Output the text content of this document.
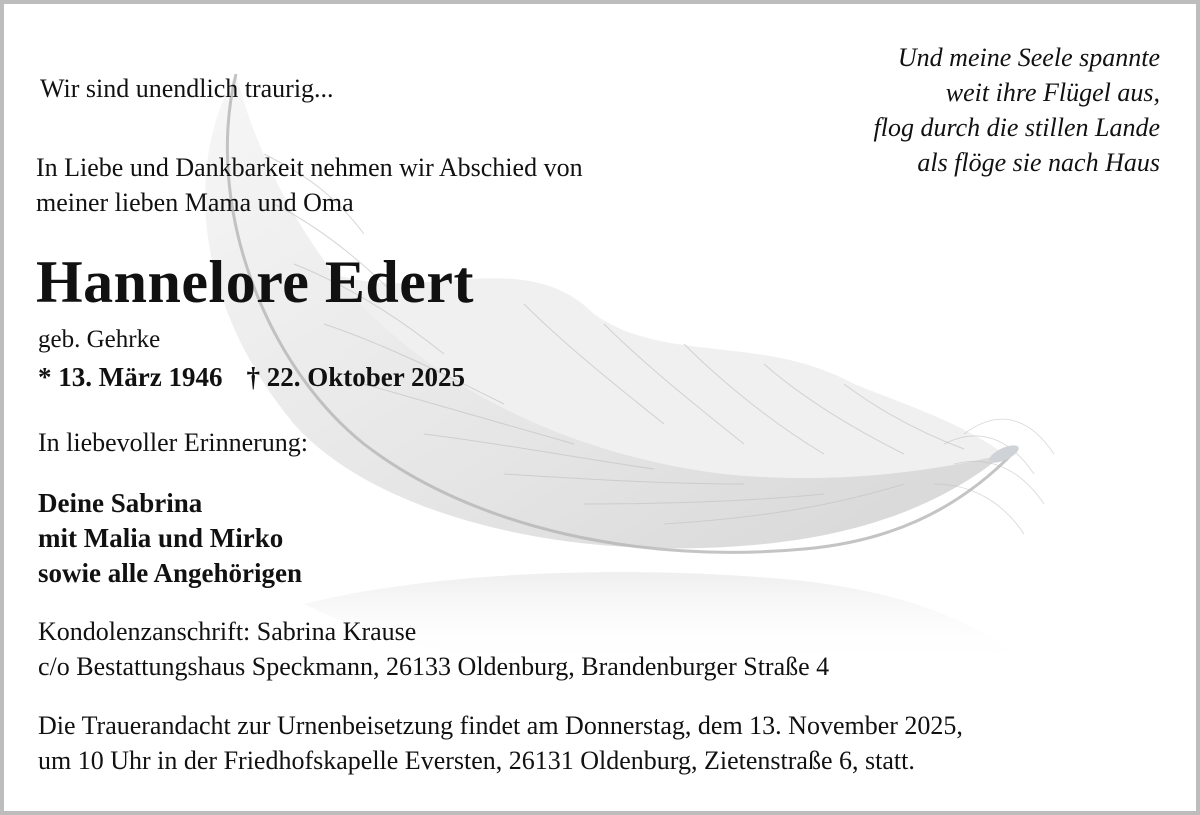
Wir sind unendlich traurig...
In Liebe und Dankbarkeit nehmen wir Abschied von
meiner lieben Mama und Oma
Und meine Seele spannte
weit ihre Flügel aus,
flog durch die stillen Lande
als flöge sie nach Haus
Hannelore Edert
geb. Gehrke
* 13. März 1946 † 22. Oktober 2025
In liebevoller Erinnerung:
Deine Sabrina
mit Malia und Mirko
sowie alle Angehörigen
Kondolenzanschrift: Sabrina Krause
c/o Bestattungshaus Speckmann, 26133 Oldenburg, Brandenburger Straße 4
Die Trauerandacht zur Urnenbeisetzung findet am Donnerstag, dem 13. November 2025,
um 10 Uhr in der Friedhofskapelle Eversten, 26131 Oldenburg, Zietenstraße 6, statt.
